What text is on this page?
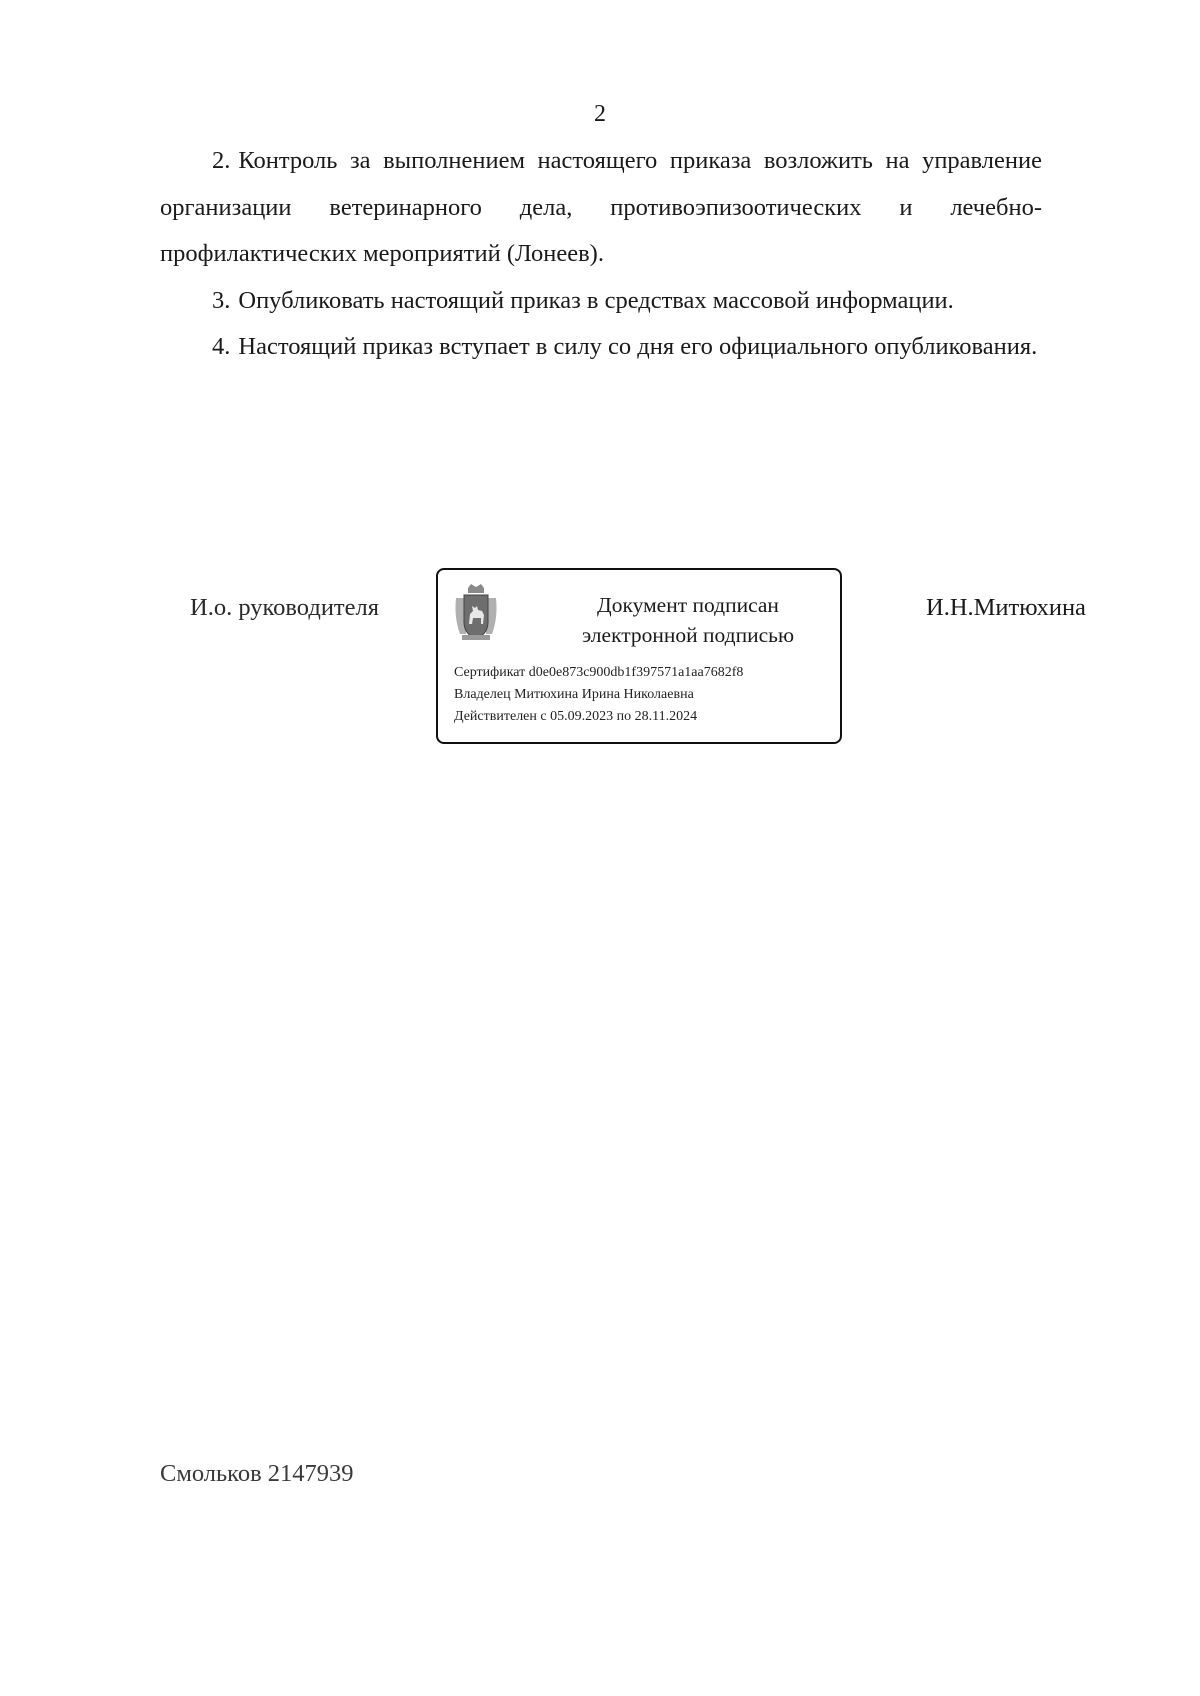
2

2. Контроль за выполнением настоящего приказа возложить на управление организации ветеринарного дела, противоэпизоотических и лечебно-профилактических мероприятий (Лонеев).

3. Опубликовать настоящий приказ в средствах массовой информации.

4. Настоящий приказ вступает в силу со дня его официального опубликования.

И.о. руководителя	Документ подписан
электронной подписью
Сертификат d0e0e873c900db1f397571a1aa7682f8
Владелец Митюхина Ирина Николаевна
Действителен с 05.09.2023 по 28.11.2024
И.Н.Митюхина
Смольков 2147939
